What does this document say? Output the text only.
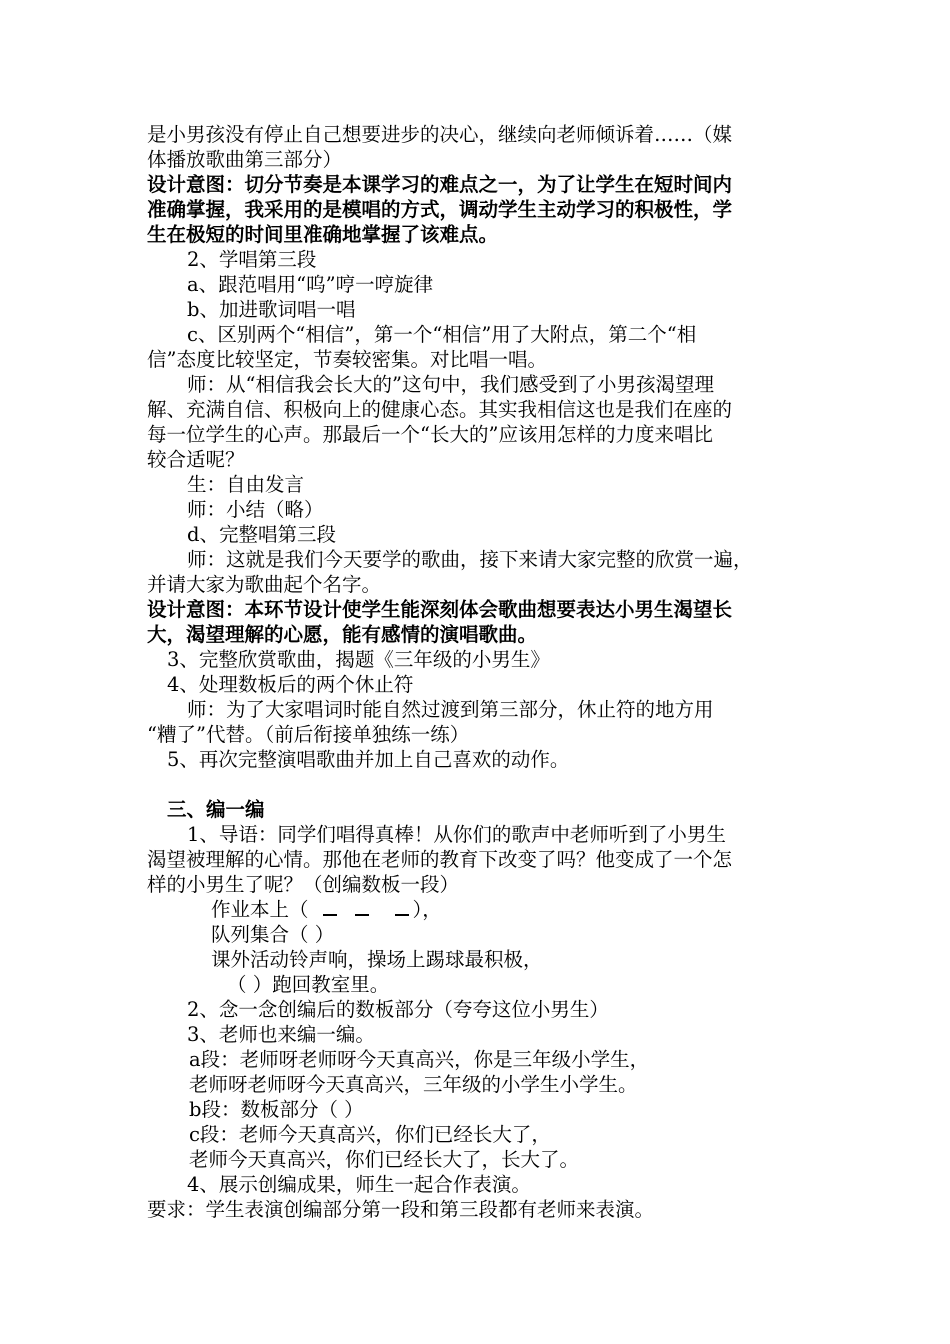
是小男孩没有停止自己想要进步的决心，继续向老师倾诉着……（媒
体播放歌曲第三部分）
设计意图：切分节奏是本课学习的难点之一，为了让学生在短时间内
准确掌握，我采用的是模唱的方式，调动学生主动学习的积极性，学
生在极短的时间里准确地掌握了该难点。
2、学唱第三段
a、跟范唱用“呜”哼一哼旋律
b、加进歌词唱一唱
c、区别两个“相信”，第一个“相信”用了大附点，第二个“相
信”态度比较坚定，节奏较密集。对比唱一唱。
师：从“相信我会长大的”这句中，我们感受到了小男孩渴望理
解、充满自信、积极向上的健康心态。其实我相信这也是我们在座的
每一位学生的心声。那最后一个“长大的”应该用怎样的力度来唱比
较合适呢？
生：自由发言
师：小结（略）
d、完整唱第三段
师：这就是我们今天要学的歌曲，接下来请大家完整的欣赏一遍，
并请大家为歌曲起个名字。
设计意图：本环节设计使学生能深刻体会歌曲想要表达小男生渴望长
大，渴望理解的心愿，能有感情的演唱歌曲。
3、完整欣赏歌曲，揭题《三年级的小男生》
4、处理数板后的两个休止符
师：为了大家唱词时能自然过渡到第三部分，休止符的地方用
“糟了”代替。（前后衔接单独练一练）
5、再次完整演唱歌曲并加上自己喜欢的动作。
三、编一编
1、导语：同学们唱得真棒！从你们的歌声中老师听到了小男生
渴望被理解的心情。那他在老师的教育下改变了吗？他变成了一个怎
样的小男生了呢？（创编数板一段）
作业本上（	），
队列集合（ ）
课外活动铃声响，操场上踢球最积极，
（ ）跑回教室里。
2、念一念创编后的数板部分（夸夸这位小男生）
3、老师也来编一编。
a段：老师呀老师呀今天真高兴，你是三年级小学生，
老师呀老师呀今天真高兴，三年级的小学生小学生。
b段：数板部分（ ）
c段：老师今天真高兴，你们已经长大了，
老师今天真高兴，你们已经长大了，长大了。
4、展示创编成果，师生一起合作表演。
要求：学生表演创编部分第一段和第三段都有老师来表演。
